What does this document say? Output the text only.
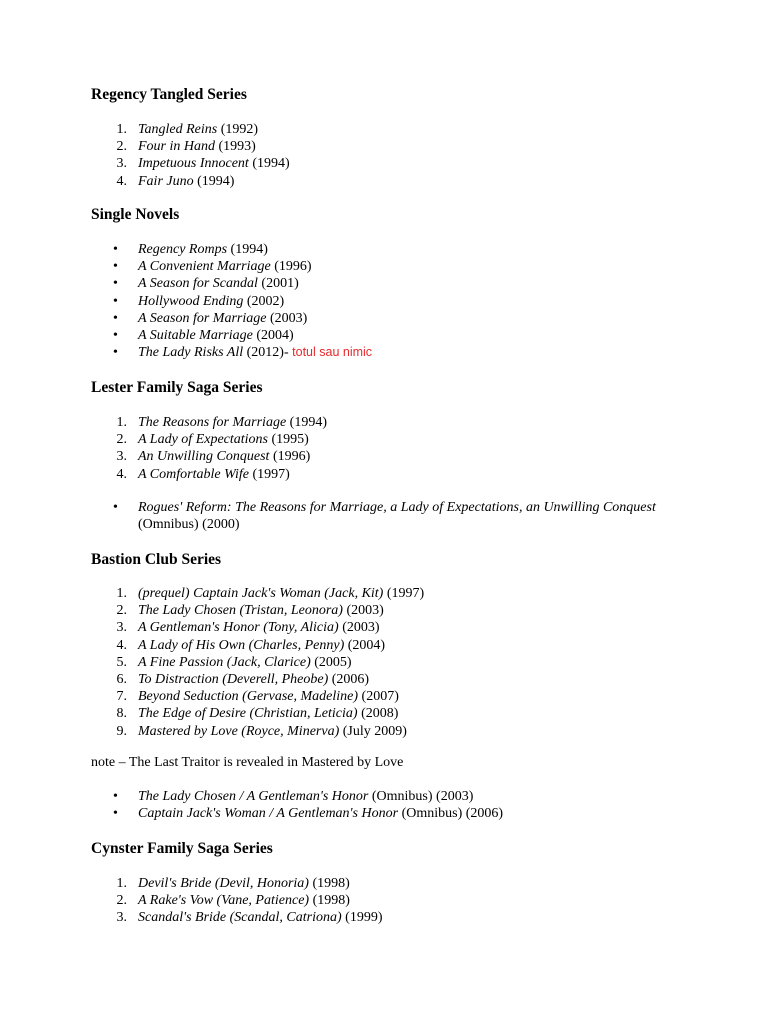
Regency Tangled Series
1. Tangled Reins (1992)
2. Four in Hand (1993)
3. Impetuous Innocent (1994)
4. Fair Juno (1994)
Single Novels
• Regency Romps (1994)
• A Convenient Marriage (1996)
• A Season for Scandal (2001)
• Hollywood Ending (2002)
• A Season for Marriage (2003)
• A Suitable Marriage (2004)
• The Lady Risks All (2012)- totul sau nimic
Lester Family Saga Series
1. The Reasons for Marriage (1994)
2. A Lady of Expectations (1995)
3. An Unwilling Conquest (1996)
4. A Comfortable Wife (1997)
• Rogues' Reform: The Reasons for Marriage, a Lady of Expectations, an Unwilling Conquest (Omnibus) (2000)
Bastion Club Series
1. (prequel) Captain Jack's Woman (Jack, Kit) (1997)
2. The Lady Chosen (Tristan, Leonora) (2003)
3. A Gentleman's Honor (Tony, Alicia) (2003)
4. A Lady of His Own (Charles, Penny) (2004)
5. A Fine Passion (Jack, Clarice) (2005)
6. To Distraction (Deverell, Pheobe) (2006)
7. Beyond Seduction (Gervase, Madeline) (2007)
8. The Edge of Desire (Christian, Leticia) (2008)
9. Mastered by Love (Royce, Minerva) (July 2009)
note – The Last Traitor is revealed in Mastered by Love
• The Lady Chosen / A Gentleman's Honor (Omnibus) (2003)
• Captain Jack's Woman / A Gentleman's Honor (Omnibus) (2006)
Cynster Family Saga Series
1. Devil's Bride (Devil, Honoria) (1998)
2. A Rake's Vow (Vane, Patience) (1998)
3. Scandal's Bride (Scandal, Catriona) (1999)
